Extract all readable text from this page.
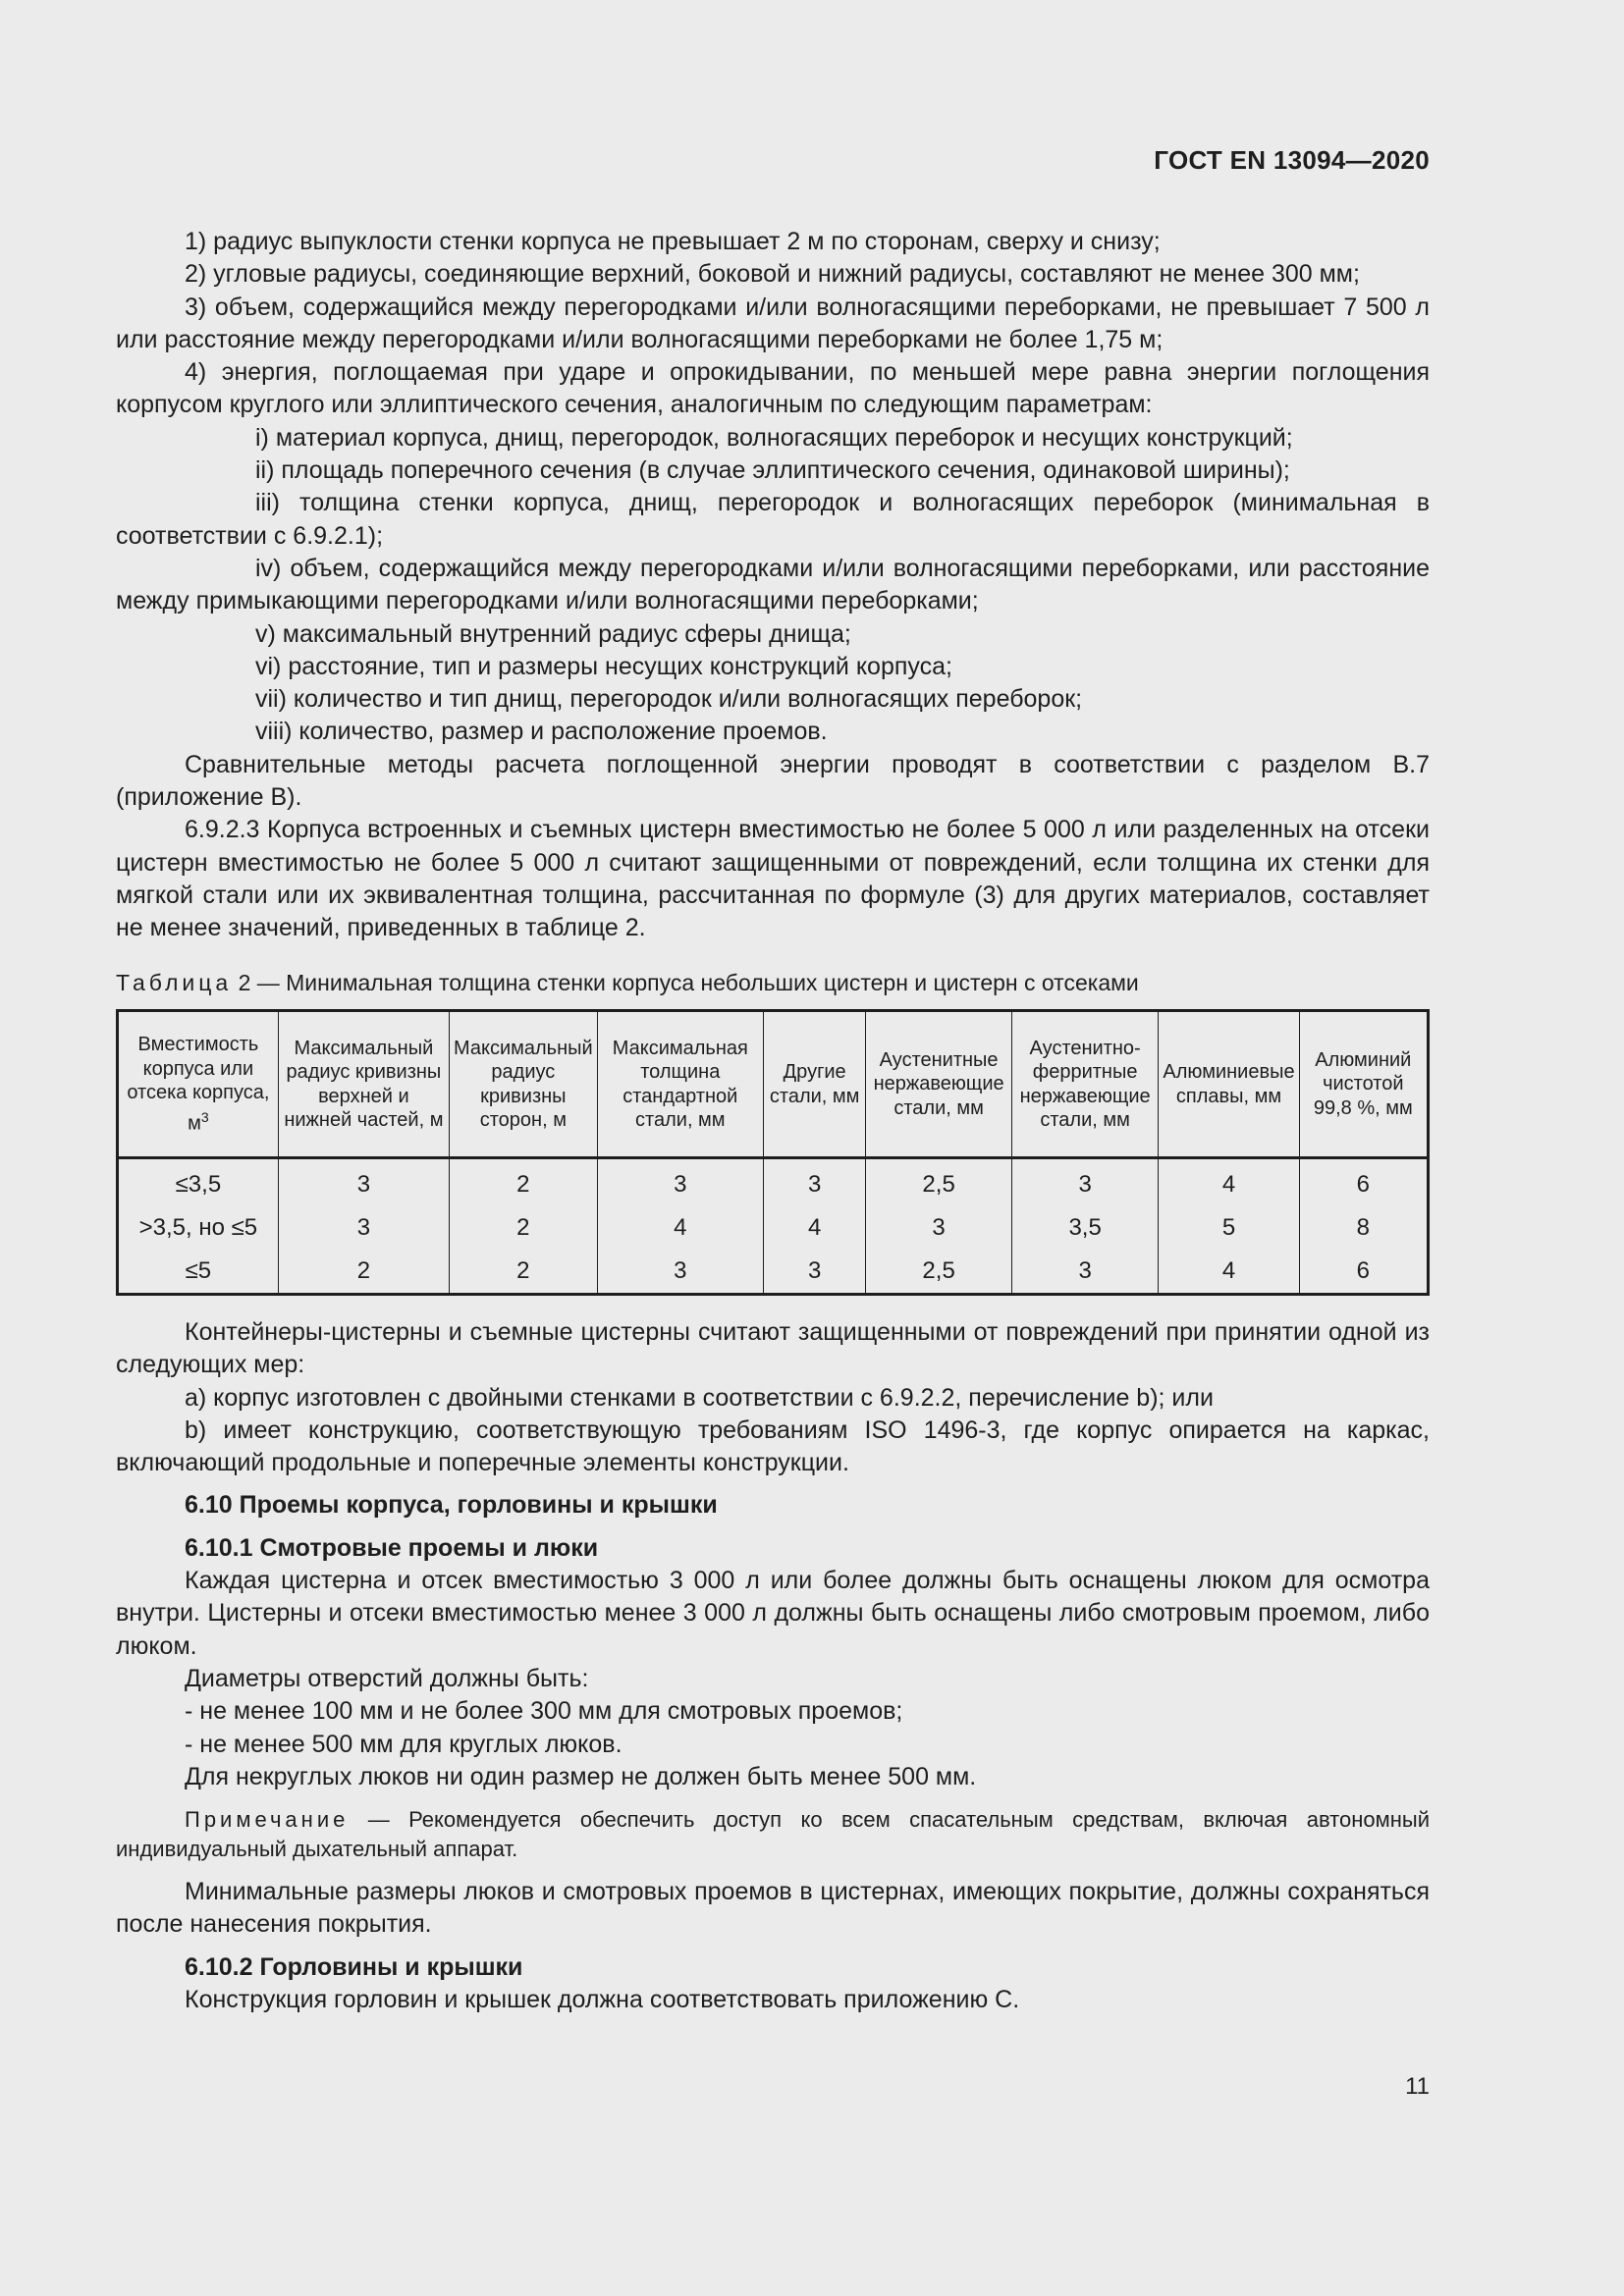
ГОСТ EN 13094—2020

1) радиус выпуклости стенки корпуса не превышает 2 м по сторонам, сверху и снизу;

2) угловые радиусы, соединяющие верхний, боковой и нижний радиусы, составляют не менее 300 мм;

3) объем, содержащийся между перегородками и/или волногасящими переборками, не превышает 7 500 л или расстояние между перегородками и/или волногасящими переборками не более 1,75 м;

4) энергия, поглощаемая при ударе и опрокидывании, по меньшей мере равна энергии поглощения корпусом круглого или эллиптического сечения, аналогичным по следующим параметрам:

i) материал корпуса, днищ, перегородок, волногасящих переборок и несущих конструкций;

ii) площадь поперечного сечения (в случае эллиптического сечения, одинаковой ширины);

iii) толщина стенки корпуса, днищ, перегородок и волногасящих переборок (минимальная в соответствии с 6.9.2.1);

iv) объем, содержащийся между перегородками и/или волногасящими переборками, или расстояние между примыкающими перегородками и/или волногасящими переборками;

v) максимальный внутренний радиус сферы днища;

vi) расстояние, тип и размеры несущих конструкций корпуса;

vii) количество и тип днищ, перегородок и/или волногасящих переборок;

viii) количество, размер и расположение проемов.

Сравнительные методы расчета поглощенной энергии проводят в соответствии с разделом В.7 (приложение В).

6.9.2.3 Корпуса встроенных и съемных цистерн вместимостью не более 5 000 л или разделенных на отсеки цистерн вместимостью не более 5 000 л считают защищенными от повреждений, если толщина их стенки для мягкой стали или их эквивалентная толщина, рассчитанная по формуле (3) для других материалов, составляет не менее значений, приведенных в таблице 2.

Таблица 2 — Минимальная толщина стенки корпуса небольших цистерн и цистерн с отсеками
Вместимость корпуса или отсека корпуса, $м^3$	Максимальный радиус кривизны верхней и нижней частей, м	Максимальный радиус кривизны сторон, м	Максимальная толщина стандартной стали, мм	Другие стали, мм	Аустенитные нержавеющие стали, мм	Аустенитно-ферритные нержавеющие стали, мм	Алюминиевые сплавы, мм	Алюминий чистотой 99,8 %, мм
≤3,5	3	2	3	3	2,5	3	4	6
>3,5, но ≤5	3	2	4	4	3	3,5	5	8
≤5	2	2	3	3	2,5	3	4	6

Контейнеры-цистерны и съемные цистерны считают защищенными от повреждений при принятии одной из следующих мер:

a) корпус изготовлен с двойными стенками в соответствии с 6.9.2.2, перечисление b); или

b) имеет конструкцию, соответствующую требованиям ISO 1496-3, где корпус опирается на каркас, включающий продольные и поперечные элементы конструкции.

6.10 Проемы корпуса, горловины и крышки

6.10.1 Смотровые проемы и люки

Каждая цистерна и отсек вместимостью 3 000 л или более должны быть оснащены люком для осмотра внутри. Цистерны и отсеки вместимостью менее 3 000 л должны быть оснащены либо смотровым проемом, либо люком.

Диаметры отверстий должны быть:

- не менее 100 мм и не более 300 мм для смотровых проемов;

- не менее 500 мм для круглых люков.

Для некруглых люков ни один размер не должен быть менее 500 мм.

Примечание — Рекомендуется обеспечить доступ ко всем спасательным средствам, включая автономный индивидуальный дыхательный аппарат.

Минимальные размеры люков и смотровых проемов в цистернах, имеющих покрытие, должны сохраняться после нанесения покрытия.

6.10.2 Горловины и крышки

Конструкция горловин и крышек должна соответствовать приложению С.

11
